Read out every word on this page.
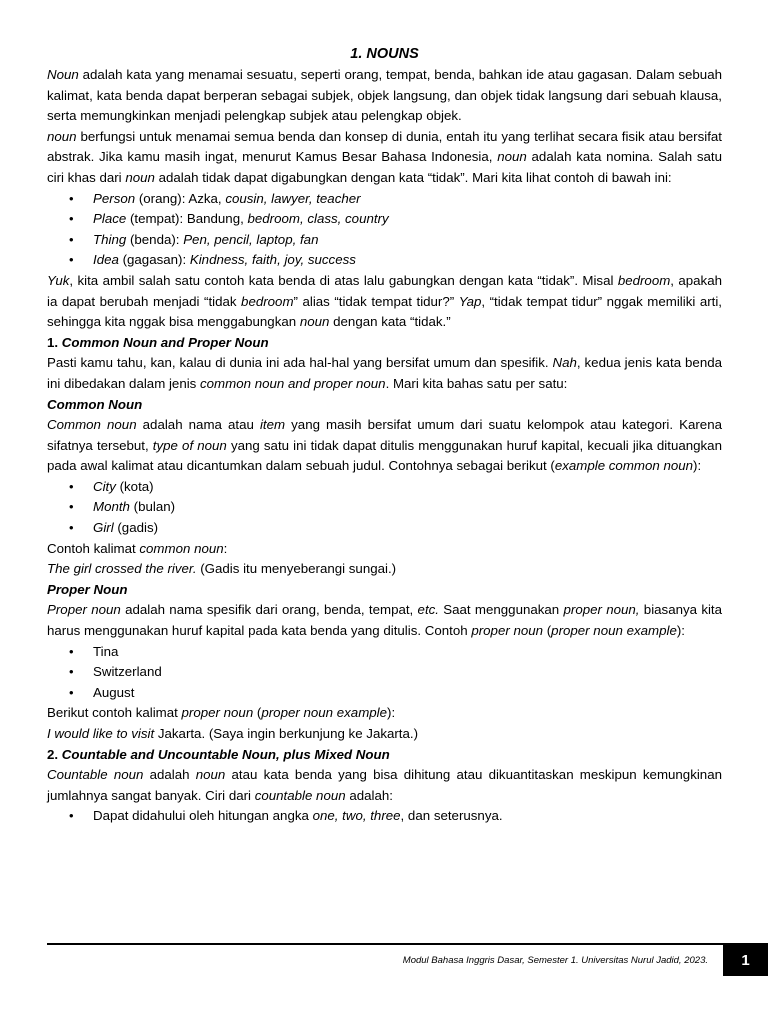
1. NOUNS

Noun adalah kata yang menamai sesuatu, seperti orang, tempat, benda, bahkan ide atau gagasan. Dalam sebuah kalimat, kata benda dapat berperan sebagai subjek, objek langsung, dan objek tidak langsung dari sebuah klausa, serta memungkinkan menjadi pelengkap subjek atau pelengkap objek.

noun berfungsi untuk menamai semua benda dan konsep di dunia, entah itu yang terlihat secara fisik atau bersifat abstrak. Jika kamu masih ingat, menurut Kamus Besar Bahasa Indonesia, noun adalah kata nomina. Salah satu ciri khas dari noun adalah tidak dapat digabungkan dengan kata “tidak”. Mari kita lihat contoh di bawah ini:

• Person (orang): Azka, cousin, lawyer, teacher
• Place (tempat): Bandung, bedroom, class, country
• Thing (benda): Pen, pencil, laptop, fan
• Idea (gagasan): Kindness, faith, joy, success

Yuk, kita ambil salah satu contoh kata benda di atas lalu gabungkan dengan kata “tidak”. Misal bedroom, apakah ia dapat berubah menjadi “tidak bedroom” alias “tidak tempat tidur?” Yap, “tidak tempat tidur” nggak memiliki arti, sehingga kita nggak bisa menggabungkan noun dengan kata “tidak.”

1. Common Noun and Proper Noun

Pasti kamu tahu, kan, kalau di dunia ini ada hal-hal yang bersifat umum dan spesifik. Nah, kedua jenis kata benda ini dibedakan dalam jenis common noun and proper noun. Mari kita bahas satu per satu:

Common Noun

Common noun adalah nama atau item yang masih bersifat umum dari suatu kelompok atau kategori. Karena sifatnya tersebut, type of noun yang satu ini tidak dapat ditulis menggunakan huruf kapital, kecuali jika dituangkan pada awal kalimat atau dicantumkan dalam sebuah judul. Contohnya sebagai berikut (example common noun):

• City (kota)
• Month (bulan)
• Girl (gadis)

Contoh kalimat common noun:

The girl crossed the river. (Gadis itu menyeberangi sungai.)

Proper Noun

Proper noun adalah nama spesifik dari orang, benda, tempat, etc. Saat menggunakan proper noun, biasanya kita harus menggunakan huruf kapital pada kata benda yang ditulis. Contoh proper noun (proper noun example):

• Tina
• Switzerland
• August

Berikut contoh kalimat proper noun (proper noun example):

I would like to visit Jakarta. (Saya ingin berkunjung ke Jakarta.)

2. Countable and Uncountable Noun, plus Mixed Noun

Countable noun adalah noun atau kata benda yang bisa dihitung atau dikuantitaskan meskipun kemungkinan jumlahnya sangat banyak. Ciri dari countable noun adalah:

• Dapat didahului oleh hitungan angka one, two, three, dan seterusnya.
Modul Bahasa Inggris Dasar, Semester 1. Universitas Nurul Jadid, 2023.	1
